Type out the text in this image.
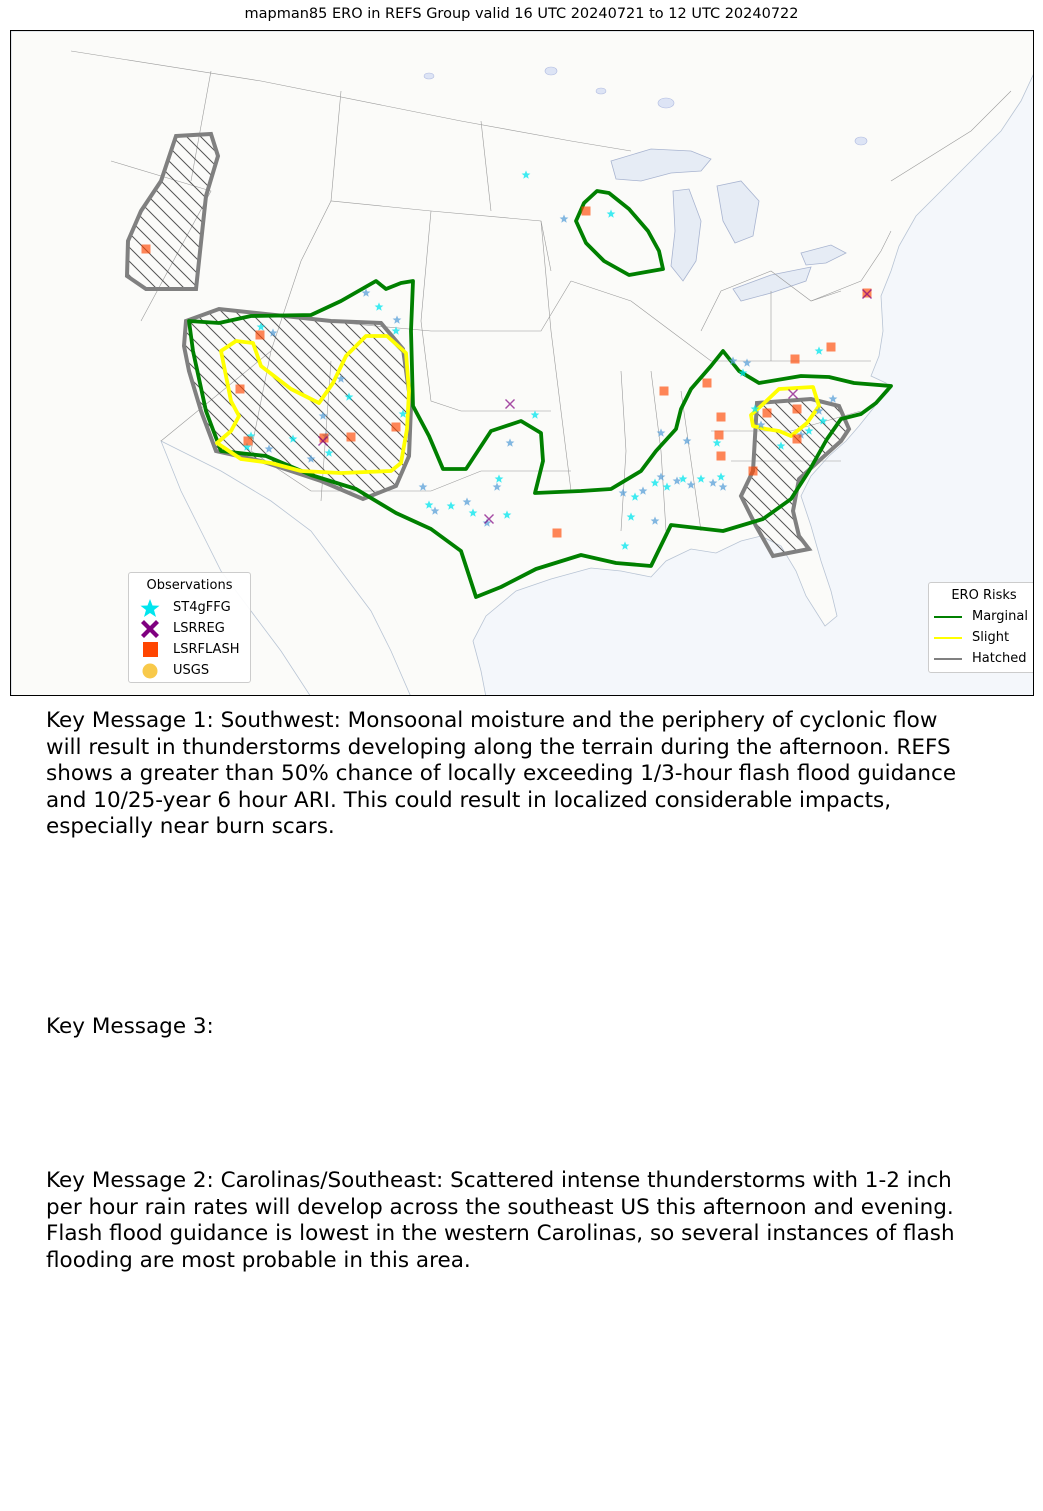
mapman85 ERO in REFS Group valid 16 UTC 20240721 to 12 UTC 20240722
Observations
ST4gFFG
LSRREG
LSRFLASH
USGS
ERO Risks
Marginal
Slight
Hatched
Key Message 1: Southwest: Monsoonal moisture and the periphery of cyclonic flow will result in thunderstorms developing along the terrain during the afternoon. REFS shows a greater than 50% chance of locally exceeding 1/3-hour flash flood guidance and 10/25-year 6 hour ARI. This could result in localized considerable impacts, especially near burn scars.
Key Message 3:
Key Message 2: Carolinas/Southeast: Scattered intense thunderstorms with 1-2 inch per hour rain rates will develop across the southeast US this afternoon and evening. Flash flood guidance is lowest in the western Carolinas, so several instances of flash flooding are most probable in this area.
